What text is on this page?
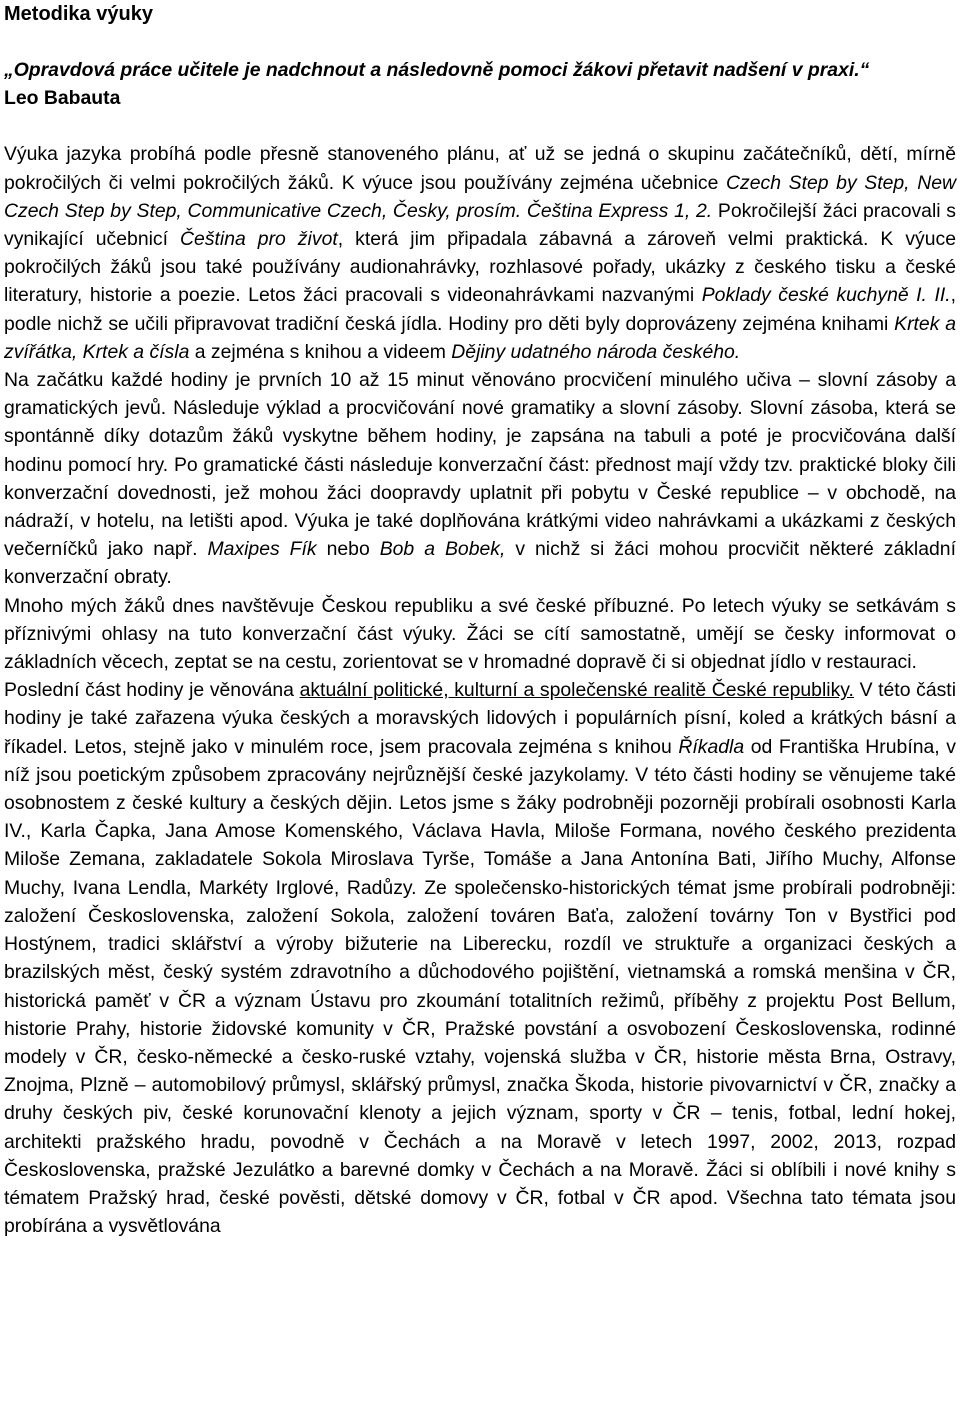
Metodika výuky
„Opravdová práce učitele je nadchnout a následovně pomoci žákovi přetavit nadšení v praxi.“
Leo Babauta

Výuka jazyka probíhá podle přesně stanoveného plánu, ať už se jedná o skupinu začátečníků, dětí, mírně pokročilých či velmi pokročilých žáků. K výuce jsou používány zejména učebnice Czech Step by Step, New Czech Step by Step, Communicative Czech, Česky, prosím. Čeština Express 1, 2. Pokročilejší žáci pracovali s vynikající učebnicí Čeština pro život, která jim připadala zábavná a zároveň velmi praktická. K výuce pokročilých žáků jsou také používány audionahrávky, rozhlasové pořady, ukázky z českého tisku a české literatury, historie a poezie. Letos žáci pracovali s videonahrávkami nazvanými Poklady české kuchyně I. II., podle nichž se učili připravovat tradiční česká jídla. Hodiny pro děti byly doprovázeny zejména knihami Krtek a zvířátka, Krtek a čísla a zejména s knihou a videem Dějiny udatného národa českého.

Na začátku každé hodiny je prvních 10 až 15 minut věnováno procvičení minulého učiva – slovní zásoby a gramatických jevů. Následuje výklad a procvičování nové gramatiky a slovní zásoby. Slovní zásoba, která se spontánně díky dotazům žáků vyskytne během hodiny, je zapsána na tabuli a poté je procvičována další hodinu pomocí hry. Po gramatické části následuje konverzační část: přednost mají vždy tzv. praktické bloky čili konverzační dovednosti, jež mohou žáci doopravdy uplatnit při pobytu v České republice – v obchodě, na nádraží, v hotelu, na letišti apod. Výuka je také doplňována krátkými video nahrávkami a ukázkami z českých večerníčků jako např. Maxipes Fík nebo Bob a Bobek, v nichž si žáci mohou procvičit některé základní konverzační obraty.

Mnoho mých žáků dnes navštěvuje Českou republiku a své české příbuzné. Po letech výuky se setkávám s příznivými ohlasy na tuto konverzační část výuky. Žáci se cítí samostatně, umějí se česky informovat o základních věcech, zeptat se na cestu, zorientovat se v hromadné dopravě či si objednat jídlo v restauraci.

Poslední část hodiny je věnována aktuální politické, kulturní a společenské realitě České republiky. V této části hodiny je také zařazena výuka českých a moravských lidových i populárních písní, koled a krátkých básní a říkadel. Letos, stejně jako v minulém roce, jsem pracovala zejména s knihou Říkadla od Františka Hrubína, v níž jsou poetickým způsobem zpracovány nejrůznější české jazykolamy. V této části hodiny se věnujeme také osobnostem z české kultury a českých dějin. Letos jsme s žáky podrobněji pozorněji probírali osobnosti Karla IV., Karla Čapka, Jana Amose Komenského, Václava Havla, Miloše Formana, nového českého prezidenta Miloše Zemana, zakladatele Sokola Miroslava Tyrše, Tomáše a Jana Antonína Bati, Jiřího Muchy, Alfonse Muchy, Ivana Lendla, Markéty Irglové, Radůzy. Ze společensko-historických témat jsme probírali podrobněji: založení Československa, založení Sokola, založení továren Baťa, založení továrny Ton v Bystřici pod Hostýnem, tradici sklářství a výroby bižuterie na Liberecku, rozdíl ve struktuře a organizaci českých a brazilských měst, český systém zdravotního a důchodového pojištění, vietnamská a romská menšina v ČR, historická paměť v ČR a význam Ústavu pro zkoumání totalitních režimů, příběhy z projektu Post Bellum, historie Prahy, historie židovské komunity v ČR, Pražské povstání a osvobození Československa, rodinné modely v ČR, česko-německé a česko-ruské vztahy, vojenská služba v ČR, historie města Brna, Ostravy, Znojma, Plzně – automobilový průmysl, sklářský průmysl, značka Škoda, historie pivovarnictví v ČR, značky a druhy českých piv, české korunovační klenoty a jejich význam, sporty v ČR – tenis, fotbal, lední hokej, architekti pražského hradu, povodně v Čechách a na Moravě v letech 1997, 2002, 2013, rozpad Československa, pražské Jezulátko a barevné domky v Čechách a na Moravě. Žáci si oblíbili i nové knihy s tématem Pražský hrad, české pověsti, dětské domovy v ČR, fotbal v ČR apod. Všechna tato témata jsou probírána a vysvětlována
